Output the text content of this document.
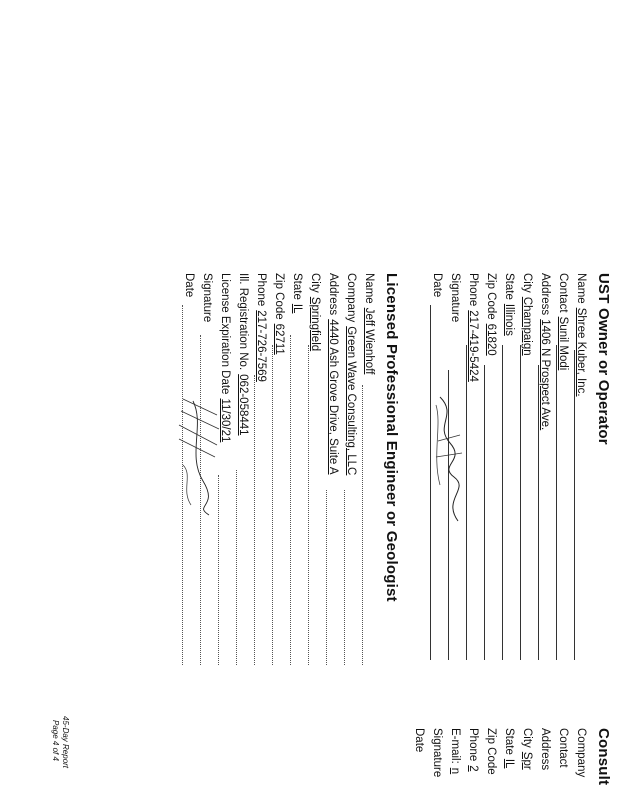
UST Owner or Operator
NameShree Kuber, Inc.
ContactSunil Modi
Address1406 N Prospect Ave.
CityChampaign
StateIllinois
Zip Code61820
Phone217-419-5424
Signature
Date
Licensed Professional Engineer or Geologist
NameJeff Wienhoff
CompanyGreen Wave Consulting, LLC
Address4440 Ash Grove Drive, Suite A
CitySpringfield
StateIL
Zip Code62711
Phone217-726-7569
Ill. Registration No.062-058441
License Expiration Date11/30/21
Signature
Date
Consult
Company
Contact
Address
CitySpr
StateIL
Zip Code
Phone2
E-mail:n
Signature
Date
45-Day Report
Page 4 of 4
